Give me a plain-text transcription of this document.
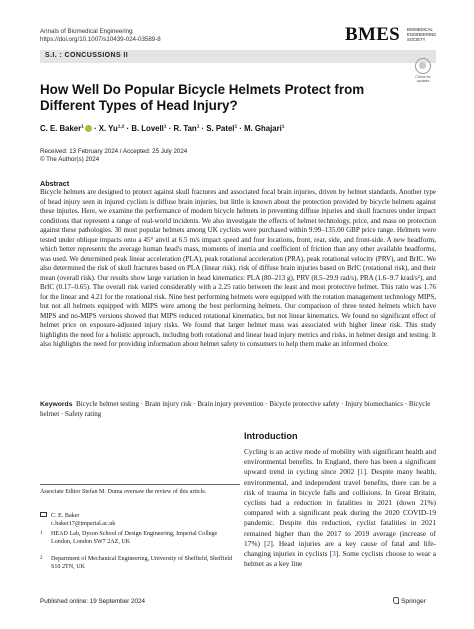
Annals of Biomedical Engineering
https://doi.org/10.1007/s10439-024-03589-8	BMES BIOMEDICAL ENGINEERING SOCIETY
S.I. : CONCUSSIONS II
Check for updates
How Well Do Popular Bicycle Helmets Protect from Different Types of Head Injury?
C. E. Baker$^1$ · X. Yu$^{1,2}$ · B. Lovell$^1$ · R. Tan$^1$ · S. Patel$^1$ · M. Ghajari$^1$
Received: 13 February 2024 / Accepted: 25 July 2024
© The Author(s) 2024
Abstract

Bicycle helmets are designed to protect against skull fractures and associated focal brain injuries, driven by helmet standards. Another type of head injury seen in injured cyclists is diffuse brain injuries, but little is known about the protection provided by bicycle helmets against these injuries. Here, we examine the performance of modern bicycle helmets in preventing diffuse injuries and skull fractures under impact conditions that represent a range of real-world incidents. We also investigate the effects of helmet technology, price, and mass on protection against these pathologies. 30 most popular helmets among UK cyclists were purchased within 9.99–135.00 GBP price range. Helmets were tested under oblique impacts onto a 45° anvil at 6.5 m/s impact speed and four locations, front, rear, side, and front-side. A new headform, which better represents the average human head's mass, moments of inertia and coefficient of friction than any other available headforms, was used. We determined peak linear acceleration (PLA), peak rotational acceleration (PRA), peak rotational velocity (PRV), and BrIC. We also determined the risk of skull fractures based on PLA (linear risk), risk of diffuse brain injuries based on BrIC (rotational risk), and their mean (overall risk). Our results show large variation in head kinematics: PLA (80–213 g), PRV (8.5–29.9 rad/s), PRA (1.6–9.7 krad/s²), and BrIC (0.17–0.65). The overall risk varied considerably with a 2.25 ratio between the least and most protective helmet. This ratio was 1.76 for the linear and 4.21 for the rotational risk. Nine best performing helmets were equipped with the rotation management technology MIPS, but not all helmets equipped with MIPS were among the best performing helmets. Our comparison of three tested helmets which have MIPS and no-MIPS versions showed that MIPS reduced rotational kinematics, but not linear kinematics. We found no significant effect of helmet price on exposure-adjusted injury risks. We found that larger helmet mass was associated with higher linear risk. This study highlights the need for a holistic approach, including both rotational and linear head injury metrics and risks, in helmet design and testing. It also highlights the need for providing information about helmet safety to consumers to help them make an informed choice.

Keywords Bicycle helmet testing · Brain injury risk · Brain injury prevention · Bicycle protective safety · Injury biomechanics · Bicycle helmet · Safety rating

Introduction

Cycling is an active mode of mobility with significant health and environmental benefits. In England, there has been a significant upward trend in cycling since 2002 [1]. Despite many health, environmental, and independent travel benefits, there can be a risk of trauma in bicycle falls and collisions. In Great Britain, cyclists had a reduction in fatalities in 2021 (down 21%) compared with a significant peak during the 2020 COVID-19 pandemic. Despite this reduction, cyclist fatalities in 2021 remained higher than the 2017 to 2019 average (increase of 17%) [2]. Head injuries are a key cause of fatal and life-changing injuries in cyclists [3]. Some cyclists choose to wear a helmet as a key line

Associate Editor Stefan M. Duma oversaw the review of this article.
C. E. Baker
c.baker17@imperial.ac.uk
1	HEAD Lab, Dyson School of Design Engineering, Imperial College London, London SW7 2AZ, UK
2	Department of Mechanical Engineering, University of Sheffield, Sheffield S10 2TN, UK
Published online: 19 September 2024	Springer
